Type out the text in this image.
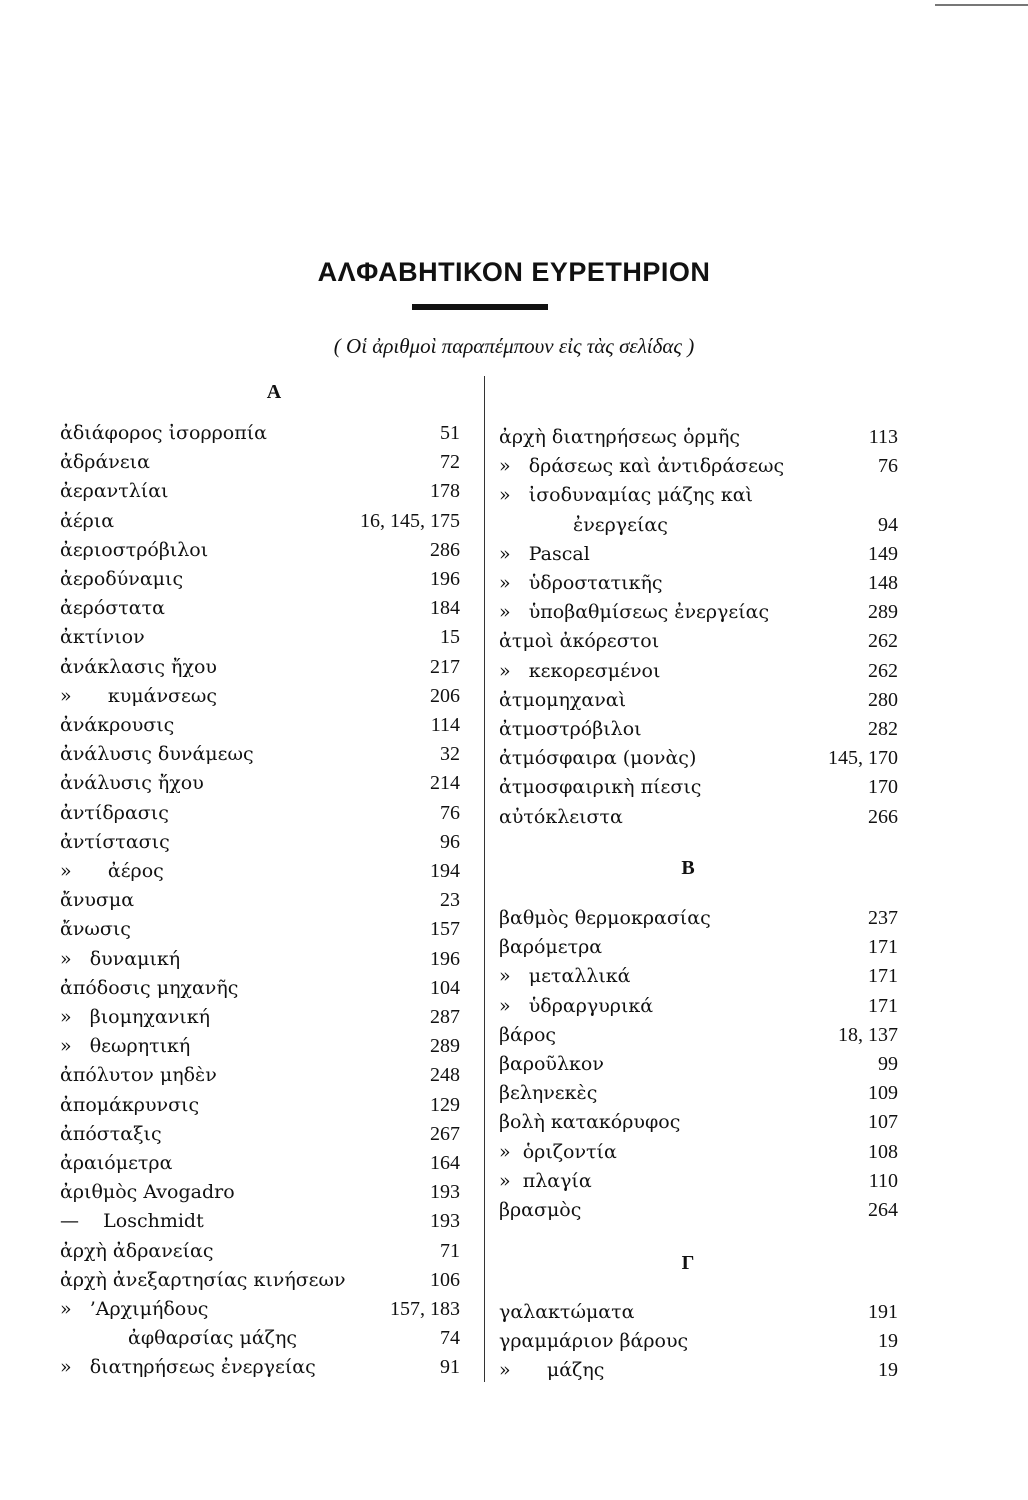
ΑΛΦΑΒΗΤΙΚΟΝ ΕΥΡΕΤΗΡΙΟΝ
( Οἱ ἀριθμοὶ παραπέμπουν εἰς τὰς σελίδας )
Α
ἀδιάφορος ἰσορροπία	51
ἀδράνεια	72
ἀεραντλίαι	178
ἀέρια	16, 145, 175
ἀεριοστρόβιλοι	286
ἀεροδύναμις	196
ἀερόστατα	184
ἀκτίνιον	15
ἀνάκλασις ἤχου	217
»      κυμάνσεως	206
ἀνάκρουσις	114
ἀνάλυσις δυνάμεως	32
ἀνάλυσις ἤχου	214
ἀντίδρασις	76
ἀντίστασις	96
»      ἀέρος	194
ἄνυσμα	23
ἄνωσις	157
»   δυναμική	196
ἀπόδοσις μηχανῆς	104
»   βιομηχανική	287
»   θεωρητική	289
ἀπόλυτον μηδὲν	248
ἀπομάκρυνσις	129
ἀπόσταξις	267
ἀραιόμετρα	164
ἀριθμὸς Avogadro	193
—    Loschmidt	193
ἀρχὴ ἀδρανείας	71
ἀρχὴ ἀνεξαρτησίας κινήσεων	106
»   ’Αρχιμήδους	157, 183
ἀφθαρσίας μάζης	74
»   διατηρήσεως ἐνεργείας	91
Β
Γ
ἀρχὴ διατηρήσεως ὁρμῆς	113
»   δράσεως καὶ ἀντιδράσεως	76
»   ἰσοδυναμίας μάζης καὶ
ἐνεργείας	94
»   Pascal	149
»   ὑδροστατικῆς	148
»   ὑποβαθμίσεως ἐνεργείας	289
ἀτμοὶ ἀκόρεστοι	262
»   κεκορεσμένοι	262
ἀτμομηχαναὶ	280
ἀτμοστρόβιλοι	282
ἀτμόσφαιρα (μονὰς)	145, 170
ἀτμοσφαιρικὴ πίεσις	170
αὐτόκλειστα	266
βαθμὸς θερμοκρασίας	237
βαρόμετρα	171
»   μεταλλικά	171
»   ὑδραργυρικά	171
βάρος	18, 137
βαροῦλκον	99
βεληνεκὲς	109
βολὴ κατακόρυφος	107
»  ὁριζοντία	108
»  πλαγία	110
βρασμὸς	264
γαλακτώματα	191
γραμμάριον βάρους	19
»      μάζης	19
